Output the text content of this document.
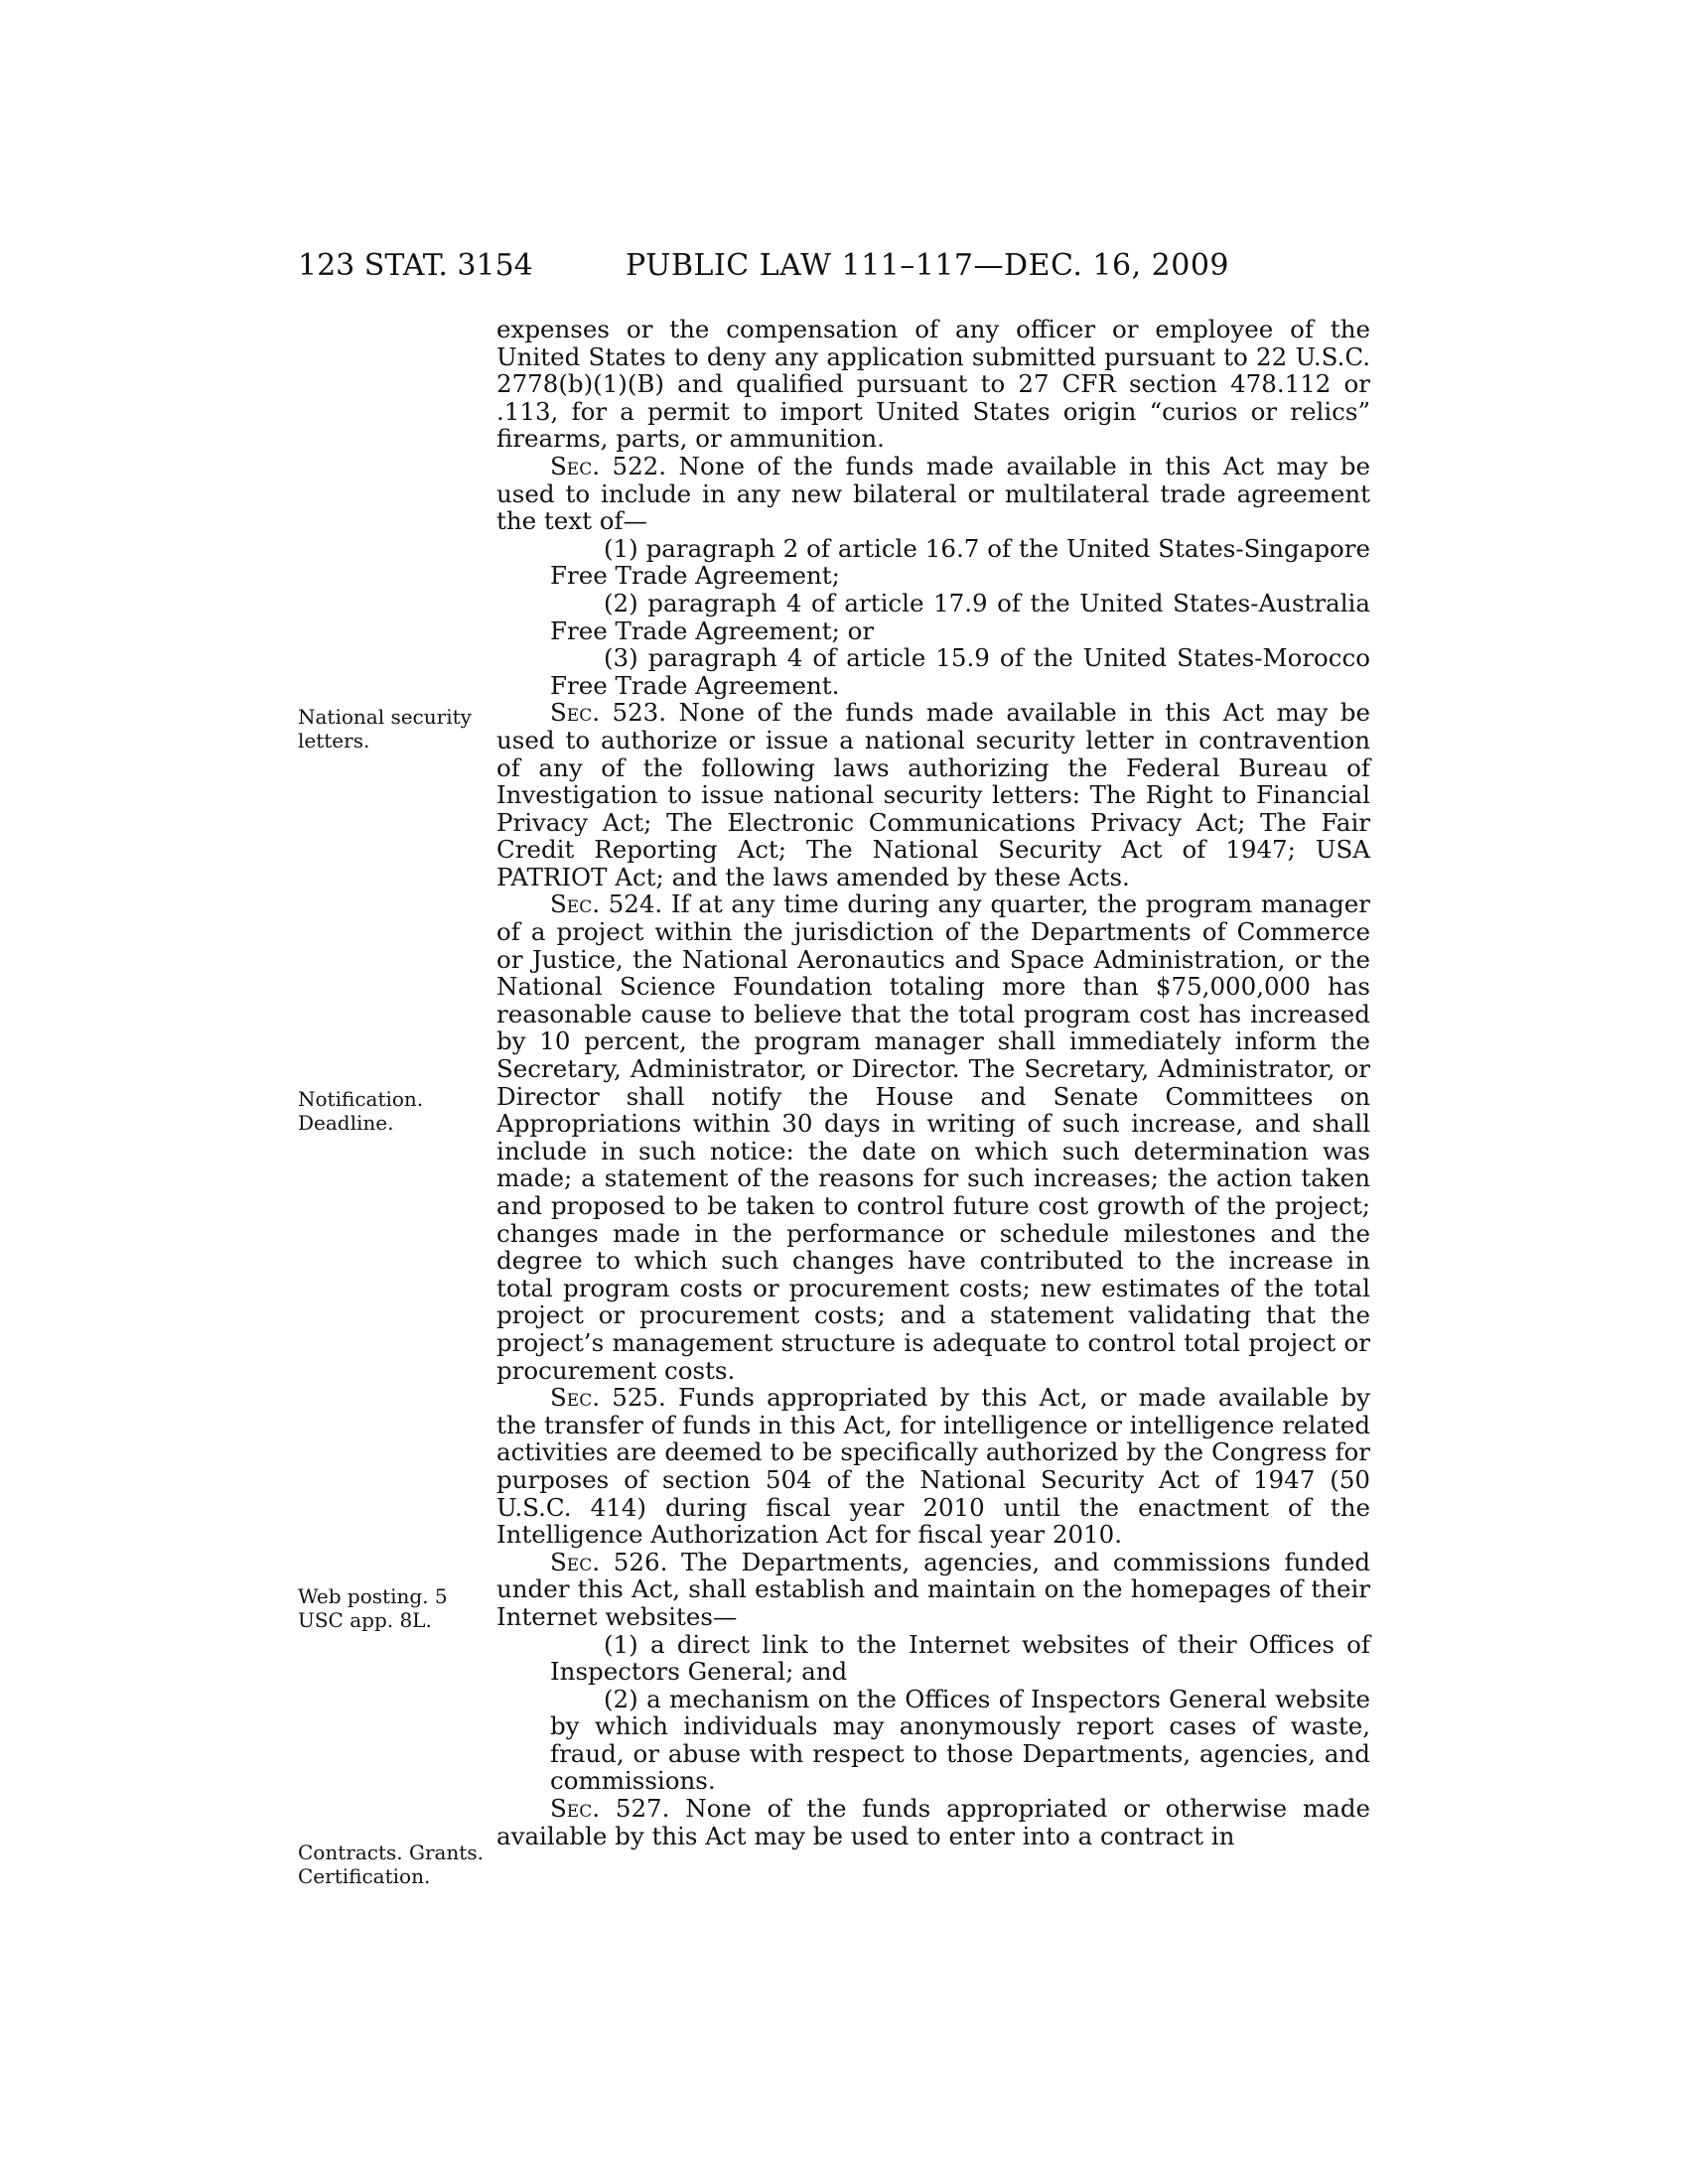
123 STAT. 3154	PUBLIC LAW 111–117—DEC. 16, 2009
National security letters.
Notification. Deadline.
Web posting. 5 USC app. 8L.
Contracts. Grants. Certification.

expenses or the compensation of any officer or employee of the United States to deny any application submitted pursuant to 22 U.S.C. 2778(b)(1)(B) and qualified pursuant to 27 CFR section 478.112 or .113, for a permit to import United States origin “curios or relics” firearms, parts, or ammunition.

Sec. 522. None of the funds made available in this Act may be used to include in any new bilateral or multilateral trade agreement the text of—

(1) paragraph 2 of article 16.7 of the United States-Singapore Free Trade Agreement;

(2) paragraph 4 of article 17.9 of the United States-Australia Free Trade Agreement; or

(3) paragraph 4 of article 15.9 of the United States-Morocco Free Trade Agreement.

Sec. 523. None of the funds made available in this Act may be used to authorize or issue a national security letter in contravention of any of the following laws authorizing the Federal Bureau of Investigation to issue national security letters: The Right to Financial Privacy Act; The Electronic Communications Privacy Act; The Fair Credit Reporting Act; The National Security Act of 1947; USA PATRIOT Act; and the laws amended by these Acts.

Sec. 524. If at any time during any quarter, the program manager of a project within the jurisdiction of the Departments of Commerce or Justice, the National Aeronautics and Space Administration, or the National Science Foundation totaling more than $75,000,000 has reasonable cause to believe that the total program cost has increased by 10 percent, the program manager shall immediately inform the Secretary, Administrator, or Director. The Secretary, Administrator, or Director shall notify the House and Senate Committees on Appropriations within 30 days in writing of such increase, and shall include in such notice: the date on which such determination was made; a statement of the reasons for such increases; the action taken and proposed to be taken to control future cost growth of the project; changes made in the performance or schedule milestones and the degree to which such changes have contributed to the increase in total program costs or procurement costs; new estimates of the total project or procurement costs; and a statement validating that the project’s management structure is adequate to control total project or procurement costs.

Sec. 525. Funds appropriated by this Act, or made available by the transfer of funds in this Act, for intelligence or intelligence related activities are deemed to be specifically authorized by the Congress for purposes of section 504 of the National Security Act of 1947 (50 U.S.C. 414) during fiscal year 2010 until the enactment of the Intelligence Authorization Act for fiscal year 2010.

Sec. 526. The Departments, agencies, and commissions funded under this Act, shall establish and maintain on the homepages of their Internet websites—

(1) a direct link to the Internet websites of their Offices of Inspectors General; and

(2) a mechanism on the Offices of Inspectors General website by which individuals may anonymously report cases of waste, fraud, or abuse with respect to those Departments, agencies, and commissions.

Sec. 527. None of the funds appropriated or otherwise made available by this Act may be used to enter into a contract in
